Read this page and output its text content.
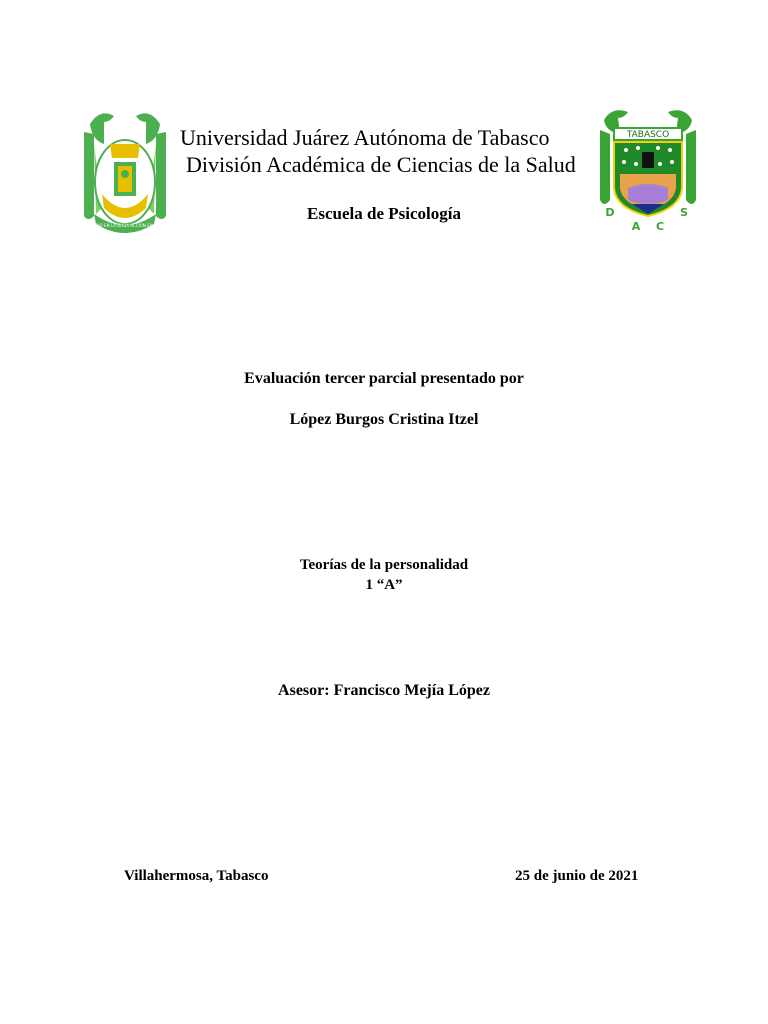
ESTUDIO EN LA DUDA ACCION EN LA FE
TABASCO
D
A C
S
Universidad Juárez Autónoma de Tabasco
División Académica de Ciencias de la Salud
Escuela de Psicología
Evaluación tercer parcial presentado por
López Burgos Cristina Itzel
Teorías de la personalidad
1 “A”
Asesor: Francisco Mejía López
Villahermosa, Tabasco	25 de junio de 2021
